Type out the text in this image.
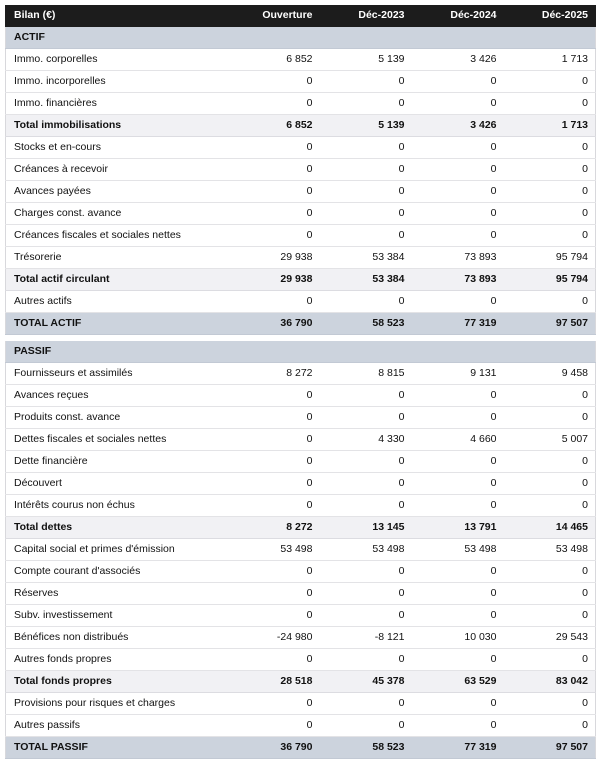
Bilan (€)	Ouverture	Déc-2023	Déc-2024	Déc-2025
ACTIF				
Immo. corporelles	6 852	5 139	3 426	1 713
Immo. incorporelles	0	0	0	0
Immo. financières	0	0	0	0
Total immobilisations	6 852	5 139	3 426	1 713
Stocks et en-cours	0	0	0	0
Créances à recevoir	0	0	0	0
Avances payées	0	0	0	0
Charges const. avance	0	0	0	0
Créances fiscales et sociales nettes	0	0	0	0
Trésorerie	29 938	53 384	73 893	95 794
Total actif circulant	29 938	53 384	73 893	95 794
Autres actifs	0	0	0	0
TOTAL ACTIF	36 790	58 523	77 319	97 507

PASSIF				
Fournisseurs et assimilés	8 272	8 815	9 131	9 458
Avances reçues	0	0	0	0
Produits const. avance	0	0	0	0
Dettes fiscales et sociales nettes	0	4 330	4 660	5 007
Dette financière	0	0	0	0
Découvert	0	0	0	0
Intérêts courus non échus	0	0	0	0
Total dettes	8 272	13 145	13 791	14 465
Capital social et primes d'émission	53 498	53 498	53 498	53 498
Compte courant d'associés	0	0	0	0
Réserves	0	0	0	0
Subv. investissement	0	0	0	0
Bénéfices non distribués	-24 980	-8 121	10 030	29 543
Autres fonds propres	0	0	0	0
Total fonds propres	28 518	45 378	63 529	83 042
Provisions pour risques et charges	0	0	0	0
Autres passifs	0	0	0	0
TOTAL PASSIF	36 790	58 523	77 319	97 507
